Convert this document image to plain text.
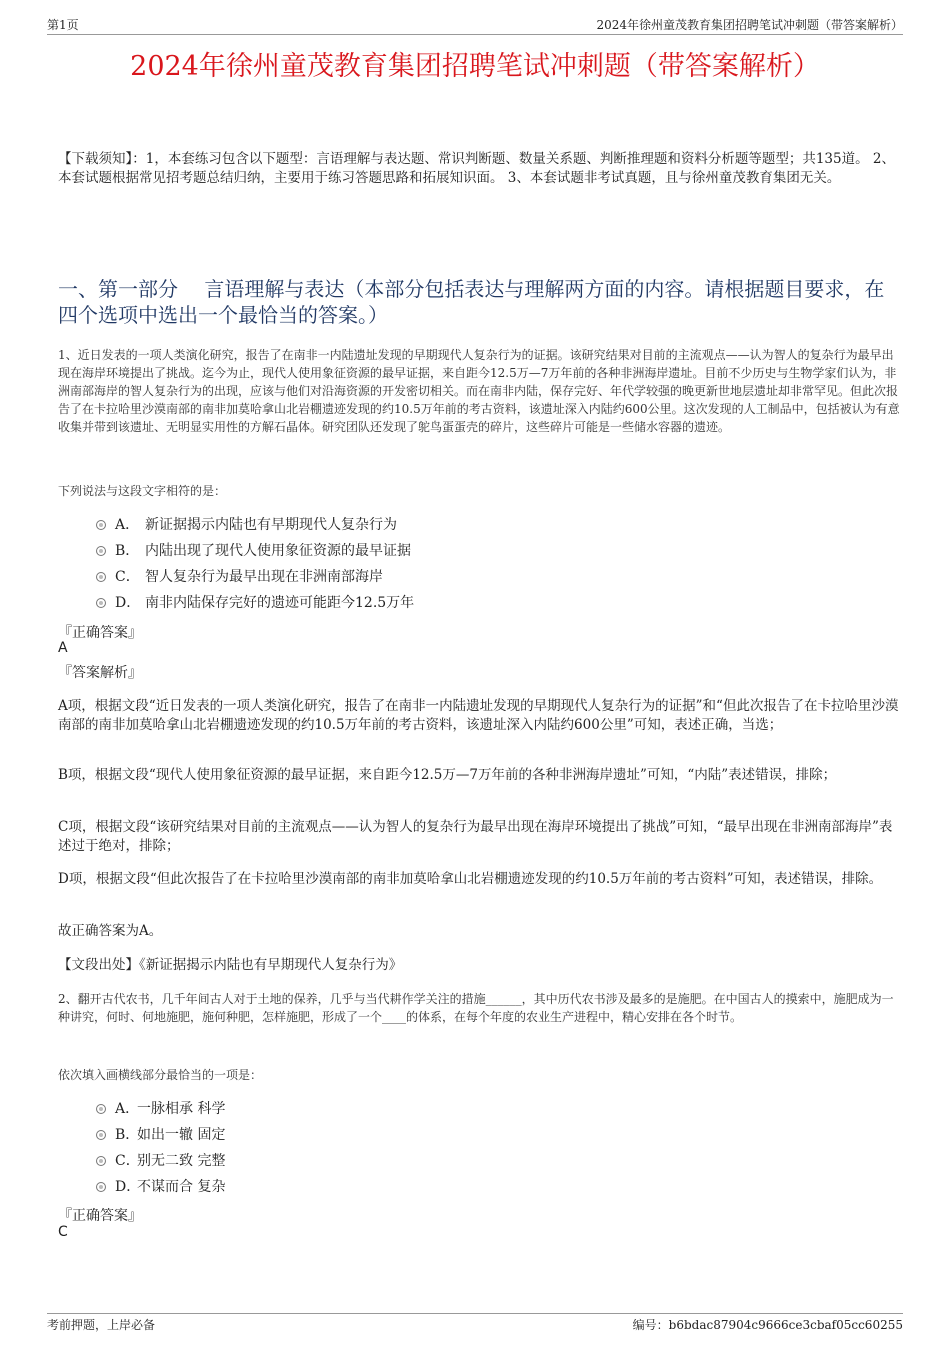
第1页	2024年徐州童茂教育集团招聘笔试冲刺题（带答案解析）
2024年徐州童茂教育集团招聘笔试冲刺题（带答案解析）
【下载须知】：1，本套练习包含以下题型：言语理解与表达题、常识判断题、数量关系题、判断推理题和资料分析题等题型；共135道。 2、本套试题根据常见招考题总结归纳，主要用于练习答题思路和拓展知识面。 3、本套试题非考试真题，且与徐州童茂教育集团无关。
一、第一部分　 言语理解与表达（本部分包括表达与理解两方面的内容。请根据题目要求，在四个选项中选出一个最恰当的答案。）
1、近日发表的一项人类演化研究，报告了在南非一内陆遗址发现的早期现代人复杂行为的证据。该研究结果对目前的主流观点——认为智人的复杂行为最早出现在海岸环境提出了挑战。迄今为止，现代人使用象征资源的最早证据，来自距今12.5万—7万年前的各种非洲海岸遗址。目前不少历史与生物学家们认为，非洲南部海岸的智人复杂行为的出现，应该与他们对沿海资源的开发密切相关。而在南非内陆，保存完好、年代学较强的晚更新世地层遗址却非常罕见。但此次报告了在卡拉哈里沙漠南部的南非加莫哈拿山北岩棚遗迹发现的约10.5万年前的考古资料，该遗址深入内陆约600公里。这次发现的人工制品中，包括被认为有意收集并带到该遗址、无明显实用性的方解石晶体。研究团队还发现了鸵鸟蛋蛋壳的碎片，这些碎片可能是一些储水容器的遗迹。
下列说法与这段文字相符的是：
A． 新证据揭示内陆也有早期现代人复杂行为
B． 内陆出现了现代人使用象征资源的最早证据
C． 智人复杂行为最早出现在非洲南部海岸
D． 南非内陆保存完好的遗迹可能距今12.5万年
『正确答案』
A
『答案解析』
A项，根据文段“近日发表的一项人类演化研究，报告了在南非一内陆遗址发现的早期现代人复杂行为的证据”和“但此次报告了在卡拉哈里沙漠南部的南非加莫哈拿山北岩棚遗迹发现的约10.5万年前的考古资料，该遗址深入内陆约600公里”可知，表述正确，当选；
B项，根据文段“现代人使用象征资源的最早证据，来自距今12.5万—7万年前的各种非洲海岸遗址”可知，“内陆”表述错误，排除；
C项，根据文段“该研究结果对目前的主流观点——认为智人的复杂行为最早出现在海岸环境提出了挑战”可知，“最早出现在非洲南部海岸”表述过于绝对，排除；
D项，根据文段“但此次报告了在卡拉哈里沙漠南部的南非加莫哈拿山北岩棚遗迹发现的约10.5万年前的考古资料”可知，表述错误，排除。
故正确答案为A。
【文段出处】《新证据揭示内陆也有早期现代人复杂行为》
2、翻开古代农书，几千年间古人对于土地的保养，几乎与当代耕作学关注的措施______，其中历代农书涉及最多的是施肥。在中国古人的摸索中，施肥成为一种讲究，何时、何地施肥，施何种肥，怎样施肥，形成了一个____的体系，在每个年度的农业生产进程中，精心安排在各个时节。
依次填入画横线部分最恰当的一项是：
A．一脉相承 科学
B．如出一辙 固定
C．别无二致 完整
D．不谋而合 复杂
『正确答案』
C
考前押题，上岸必备	编号：b6bdac87904c9666ce3cbaf05cc60255
